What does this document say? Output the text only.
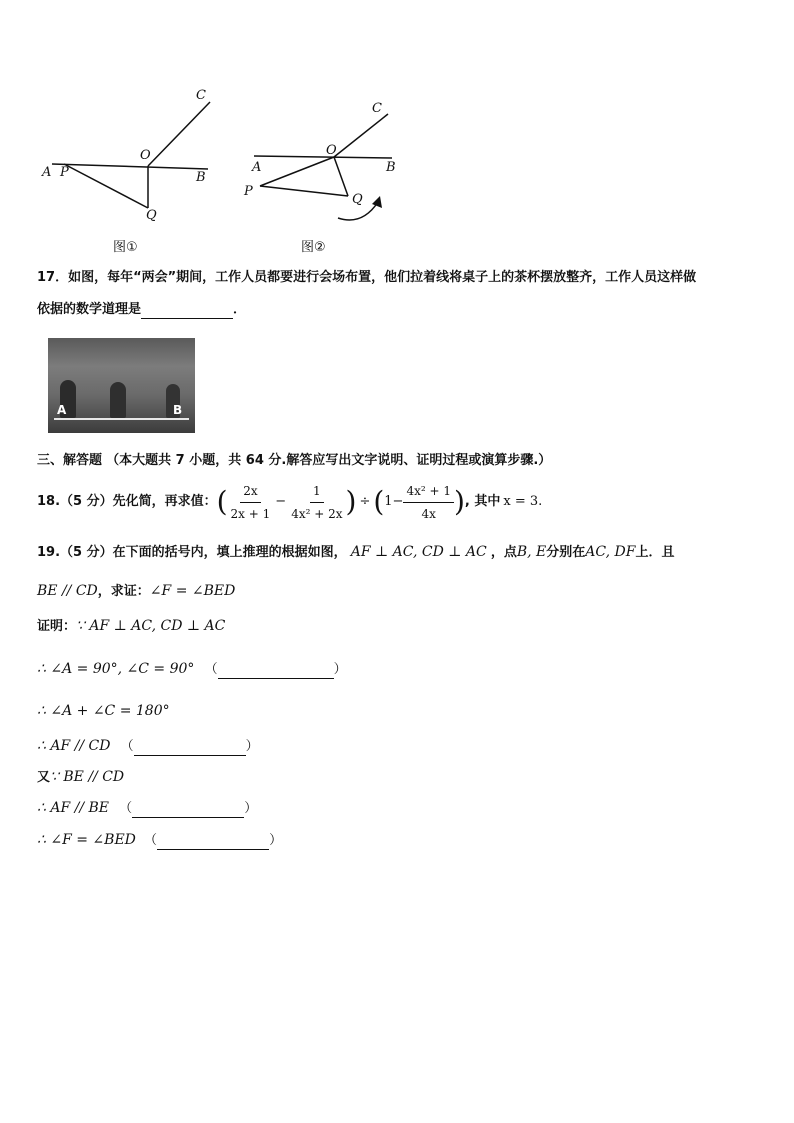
A P
O
B
C
Q
图①
A
P
O
B
C
Q
图②
17．如图，每年“两会”期间，工作人员都要进行会场布置，他们拉着线将桌子上的茶杯摆放整齐，工作人员这样做
依据的数学道理是	．
A	B
三、解答题 （本大题共 7 小题，共 64 分.解答应写出文字说明、证明过程或演算步骤.）
18.（5 分）先化简，再求值： ( $\frac{2x}{2x + 1} - \frac{1}{\text{4x² + 2x}}$ ) ÷ ( $1- \frac{\text{4x² + 1}}{4x}$ ) , 其中 x = 3.
19.（5 分）在下面的括号内，填上推理的根据如图， AF ⊥ AC, CD ⊥ AC ，点B, E分别在AC, DF上．且
BE // CD，求证：∠F = ∠BED
证明：∵ AF ⊥ AC, CD ⊥ AC
∴ ∠A = 90°, ∠C = 90° （	）
∴ ∠A + ∠C = 180°
∴ AF // CD （	）
又∵ BE // CD
∴ AF // BE （	）
∴ ∠F = ∠BED （	）
